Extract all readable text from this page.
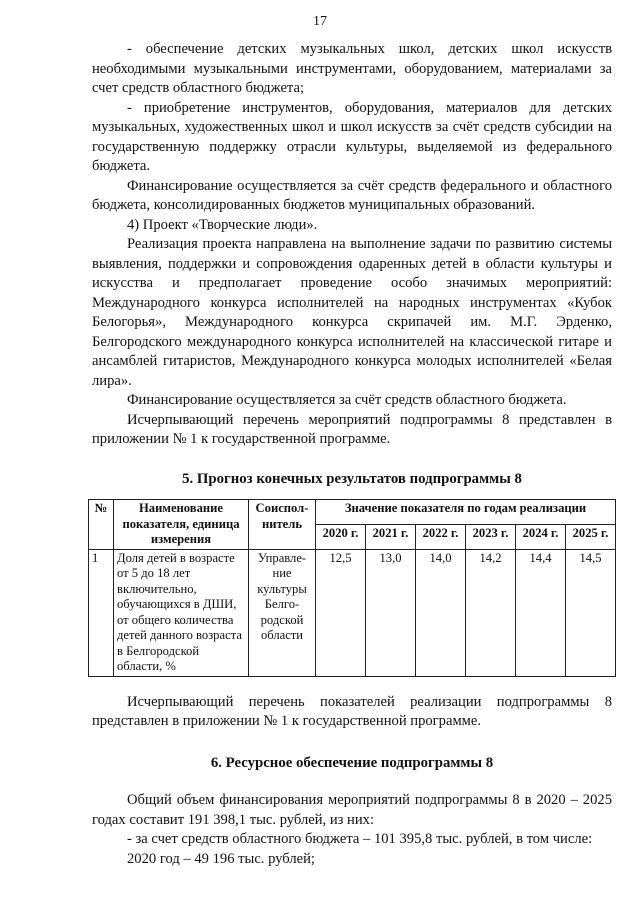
17

- обеспечение детских музыкальных школ, детских школ искусств необходимыми музыкальными инструментами, оборудованием, материалами за счет средств областного бюджета;

- приобретение инструментов, оборудования, материалов для детских музыкальных, художественных школ и школ искусств за счёт средств субсидии на государственную поддержку отрасли культуры, выделяемой из федерального бюджета.

Финансирование осуществляется за счёт средств федерального и областного бюджета, консолидированных бюджетов муниципальных образований.

4) Проект «Творческие люди».

Реализация проекта направлена на выполнение задачи по развитию системы выявления, поддержки и сопровождения одаренных детей в области культуры и искусства и предполагает проведение особо значимых мероприятий: Международного конкурса исполнителей на народных инструментах «Кубок Белогорья», Международного конкурса скрипачей им. М.Г. Эрденко, Белгородского международного конкурса исполнителей на классической гитаре и ансамблей гитаристов, Международного конкурса молодых исполнителей «Белая лира».

Финансирование осуществляется за счёт средств областного бюджета.

Исчерпывающий перечень мероприятий подпрограммы 8 представлен в приложении № 1 к государственной программе.

5. Прогноз конечных результатов подпрограммы 8

№	Наименование показателя, единица измерения	Соиспол-нитель	Значение показателя по годам реализации					
			2020 г.	2021 г.	2022 г.	2023 г.	2024 г.	2025 г.
1	Доля детей в возрасте от 5 до 18 лет включительно, обучающихся в ДШИ, от общего количества детей данного возраста в Белгородской области, %	Управле-ние культуры Белго-родской области	12,5	13,0	14,0	14,2	14,4	14,5

Исчерпывающий перечень показателей реализации подпрограммы 8 представлен в приложении № 1 к государственной программе.

6. Ресурсное обеспечение подпрограммы 8

Общий объем финансирования мероприятий подпрограммы 8 в 2020 – 2025 годах составит 191 398,1 тыс. рублей, из них:

- за счет средств областного бюджета – 101 395,8 тыс. рублей, в том числе:

2020 год – 49 196 тыс. рублей;
